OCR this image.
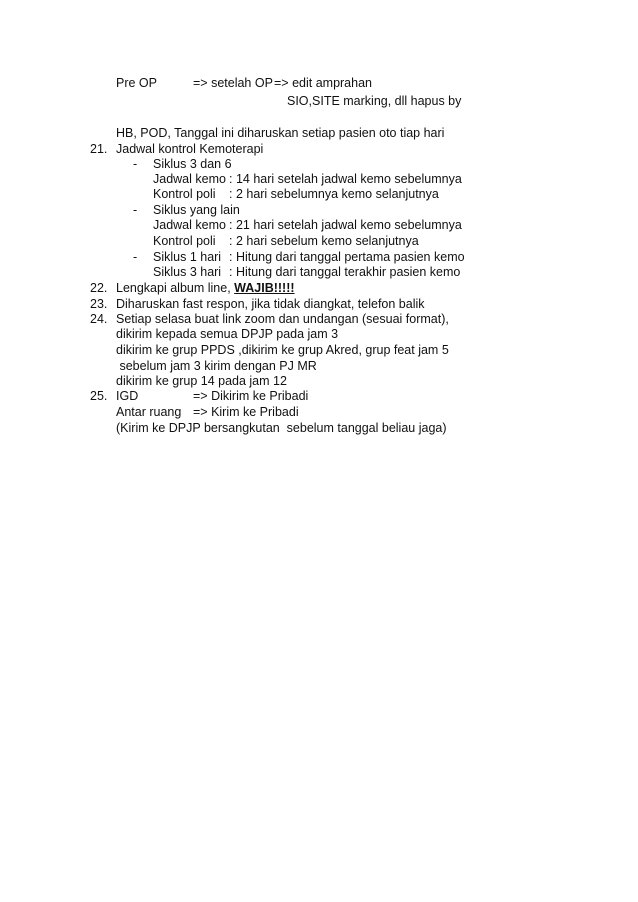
Pre OP	=> setelah OP => edit amprahan
SIO,SITE marking, dll hapus by
HB, POD, Tanggal ini diharuskan setiap pasien oto tiap hari
21. Jadwal kontrol Kemoterapi
- Siklus 3 dan 6
Jadwal kemo : 14 hari setelah jadwal kemo sebelumnya
Kontrol poli : 2 hari sebelumnya kemo selanjutnya
- Siklus yang lain
Jadwal kemo : 21 hari setelah jadwal kemo sebelumnya
Kontrol poli : 2 hari sebelum kemo selanjutnya
- Siklus 1 hari : Hitung dari tanggal pertama pasien kemo
Siklus 3 hari : Hitung dari tanggal terakhir pasien kemo
22. Lengkapi album line, WAJIB!!!!!
23. Diharuskan fast respon, jika tidak diangkat, telefon balik
24. Setiap selasa buat link zoom dan undangan (sesuai format),
dikirim kepada semua DPJP pada jam 3
dikirim ke grup PPDS ,dikirim ke grup Akred, grup feat jam 5
sebelum jam 3 kirim dengan PJ MR
dikirim ke grup 14 pada jam 12
25. IGD	=> Dikirim ke Pribadi
Antar ruang => Kirim ke Pribadi
(Kirim ke DPJP bersangkutan  sebelum tanggal beliau jaga)
